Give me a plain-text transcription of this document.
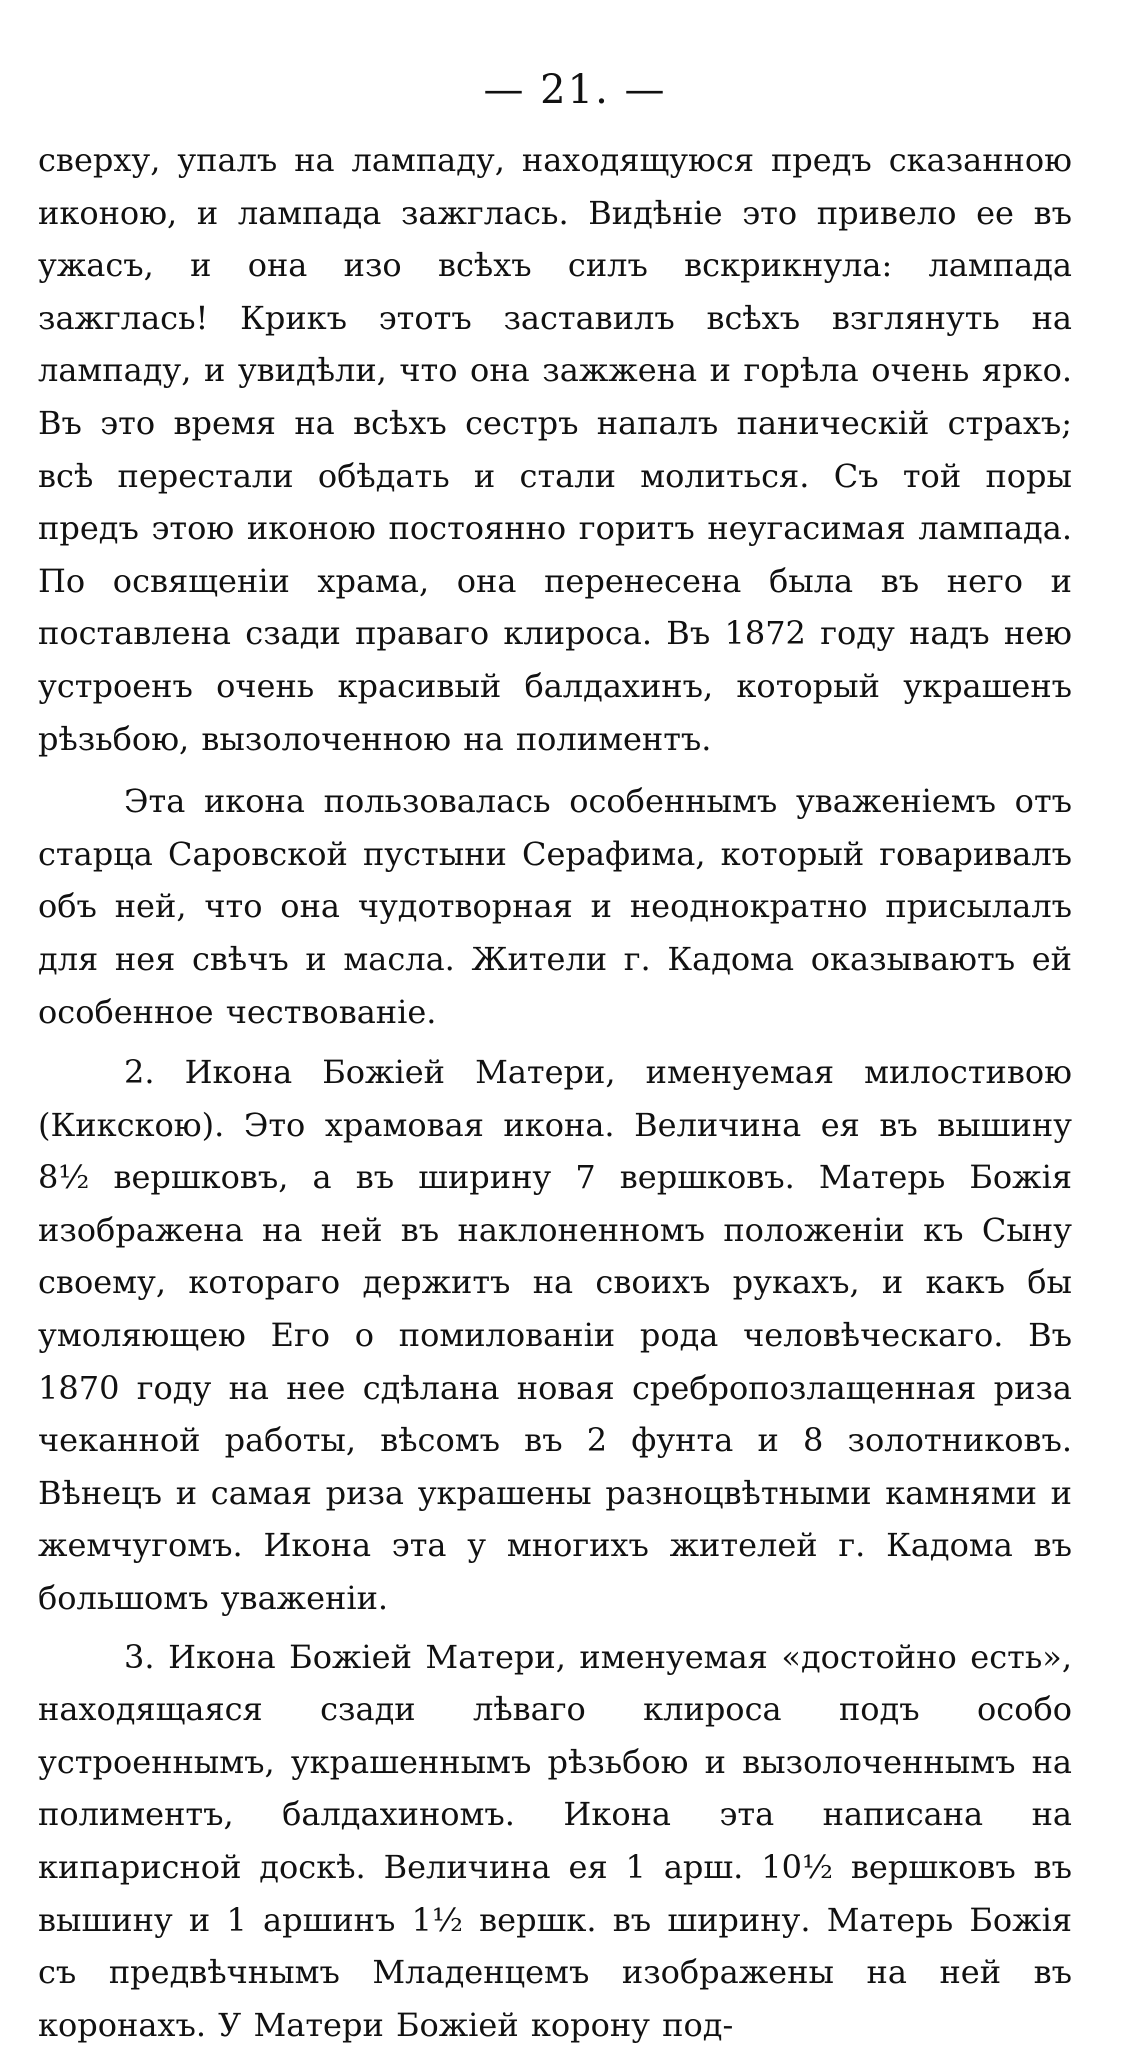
— 21. —

сверху, упалъ на лампаду, находящуюся предъ сказанною иконою, и лампада зажглась. Видѣніе это привело ее въ ужасъ, и она изо всѣхъ силъ вскрикнула: лампада зажглась! Крикъ этотъ заставилъ всѣхъ взглянуть на лампаду, и увидѣли, что она зажжена и горѣла очень ярко. Въ это время на всѣхъ сестръ напалъ паническій страхъ; всѣ перестали обѣдать и стали молиться. Съ той поры предъ этою иконою постоянно горитъ неугасимая лампада. По освященіи храма, она перенесена была въ него и поставлена сзади праваго клироса. Въ 1872 году надъ нею устроенъ очень красивый балдахинъ, который украшенъ рѣзьбою, вызолоченною на полиментъ.

Эта икона пользовалась особеннымъ уваженіемъ отъ старца Саровской пустыни Серафима, который говаривалъ объ ней, что она чудотворная и неоднократно присылалъ для нея свѣчъ и масла. Жители г. Кадома оказываютъ ей особенное чествованіе.

2. Икона Божіей Матери, именуемая милостивою (Кикскою). Это храмовая икона. Величина ея въ вышину 8½ вершковъ, а въ ширину 7 вершковъ. Матерь Божія изображена на ней въ наклоненномъ положеніи къ Сыну своему, котораго держитъ на своихъ рукахъ, и какъ бы умоляющею Его о помилованіи рода человѣческаго. Въ 1870 году на нее сдѣлана новая сребропозлащенная риза чеканной работы, вѣсомъ въ 2 фунта и 8 золотниковъ. Вѣнецъ и самая риза украшены разноцвѣтными камнями и жемчугомъ. Икона эта у многихъ жителей г. Кадома въ большомъ уваженіи.

3. Икона Божіей Матери, именуемая «достойно есть», находящаяся сзади лѣваго клироса подъ особо устроеннымъ, украшеннымъ рѣзьбою и вызолоченнымъ на полиментъ, балдахиномъ. Икона эта написана на кипарисной доскѣ. Величина ея 1 арш. 10½ вершковъ въ вышину и 1 аршинъ 1½ вершк. въ ширину. Матерь Божія съ предвѣчнымъ Младенцемъ изображены на ней въ коронахъ. У Матери Божіей корону под-
